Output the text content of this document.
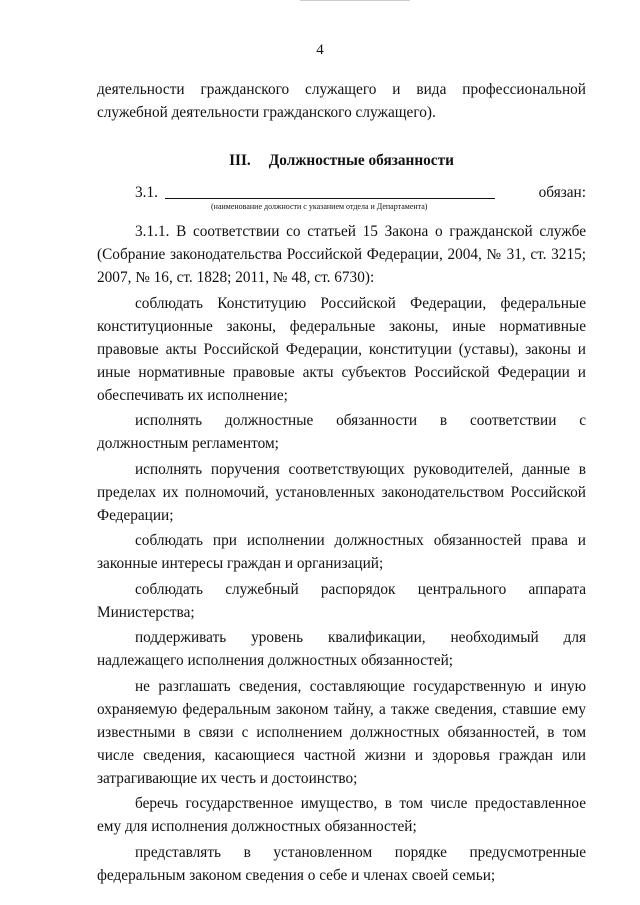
4

деятельности гражданского служащего и вида профессиональной служебной деятельности гражданского служащего).

III. Должностные обязанности

3.1.	обязан:
(наименование должности с указанием отдела и Департамента)

3.1.1. В соответствии со статьей 15 Закона о гражданской службе (Собрание законодательства Российской Федерации, 2004, № 31, ст. 3215; 2007, № 16, ст. 1828; 2011, № 48, ст. 6730):

соблюдать Конституцию Российской Федерации, федеральные конституционные законы, федеральные законы, иные нормативные правовые акты Российской Федерации, конституции (уставы), законы и иные нормативные правовые акты субъектов Российской Федерации и обеспечивать их исполнение;

исполнять должностные обязанности в соответствии с должностным регламентом;

исполнять поручения соответствующих руководителей, данные в пределах их полномочий, установленных законодательством Российской Федерации;

соблюдать при исполнении должностных обязанностей права и законные интересы граждан и организаций;

соблюдать служебный распорядок центрального аппарата Министерства;

поддерживать уровень квалификации, необходимый для надлежащего исполнения должностных обязанностей;

не разглашать сведения, составляющие государственную и иную охраняемую федеральным законом тайну, а также сведения, ставшие ему известными в связи с исполнением должностных обязанностей, в том числе сведения, касающиеся частной жизни и здоровья граждан или затрагивающие их честь и достоинство;

беречь государственное имущество, в том числе предоставленное ему для исполнения должностных обязанностей;

представлять в установленном порядке предусмотренные федеральным законом сведения о себе и членах своей семьи;
